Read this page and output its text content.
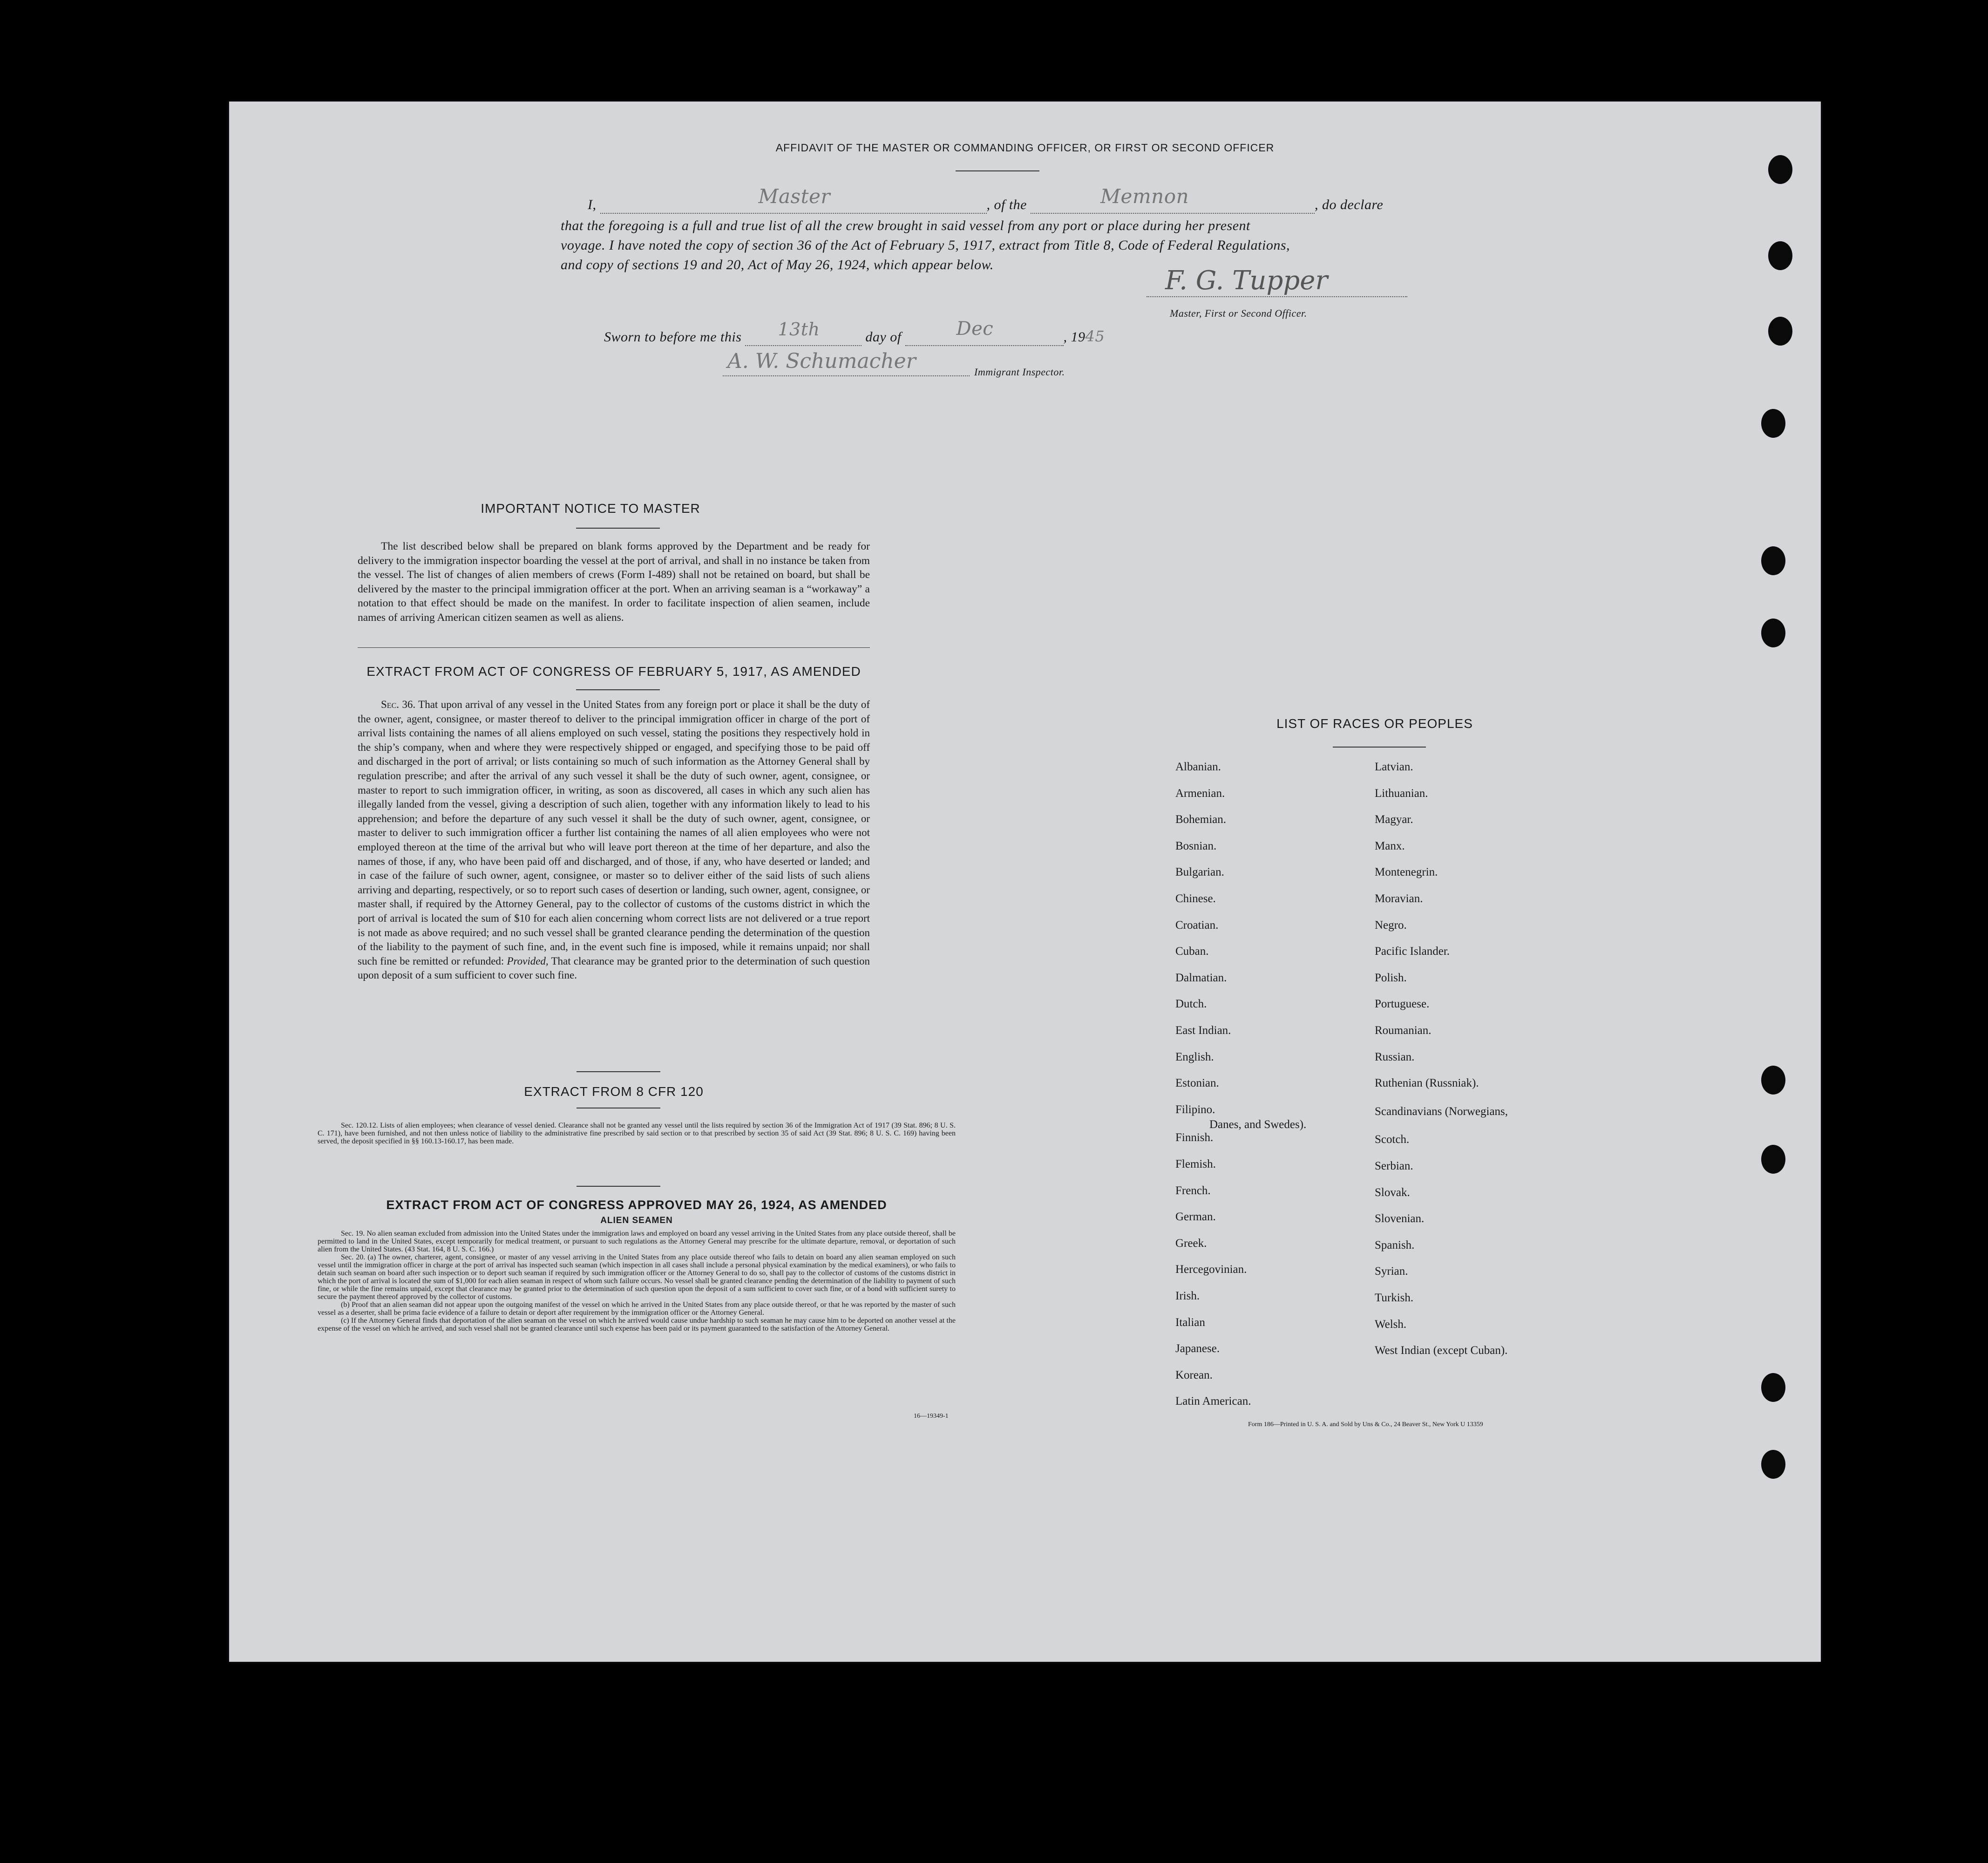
AFFIDAVIT OF THE MASTER OR COMMANDING OFFICER, OR FIRST OR SECOND OFFICER
I,	Master	, of the	Memnon	, do declare
that the foregoing is a full and true list of all the crew brought in said vessel from any port or place during her present
voyage. I have noted the copy of section 36 of the Act of February 5, 1917, extract from Title 8, Code of Federal Regulations,
and copy of sections 19 and 20, Act of May 26, 1924, which appear below.
F. G. Tupper
Master, First or Second Officer.
Sworn to before me this 13th	day of	Dec	, 1945
A. W. Schumacher	Immigrant Inspector.
IMPORTANT NOTICE TO MASTER
The list described below shall be prepared on blank forms approved by the Department and be ready for delivery to the immigration inspector boarding the vessel at the port of arrival, and shall in no instance be taken from the vessel. The list of changes of alien members of crews (Form I-489) shall not be retained on board, but shall be delivered by the master to the principal immigration officer at the port. When an arriving seaman is a “workaway” a notation to that effect should be made on the manifest. In order to facilitate inspection of alien seamen, include names of arriving American citizen seamen as well as aliens.
EXTRACT FROM ACT OF CONGRESS OF FEBRUARY 5, 1917, AS AMENDED
Sec. 36. That upon arrival of any vessel in the United States from any foreign port or place it shall be the duty of the owner, agent, consignee, or master thereof to deliver to the principal immigration officer in charge of the port of arrival lists containing the names of all aliens employed on such vessel, stating the positions they respectively hold in the ship’s company, when and where they were respectively shipped or engaged, and specifying those to be paid off and discharged in the port of arrival; or lists containing so much of such information as the Attorney General shall by regulation prescribe; and after the arrival of any such vessel it shall be the duty of such owner, agent, consignee, or master to report to such immigration officer, in writing, as soon as discovered, all cases in which any such alien has illegally landed from the vessel, giving a description of such alien, together with any information likely to lead to his apprehension; and before the departure of any such vessel it shall be the duty of such owner, agent, consignee, or master to deliver to such immigration officer a further list containing the names of all alien employees who were not employed thereon at the time of the arrival but who will leave port thereon at the time of her departure, and also the names of those, if any, who have been paid off and discharged, and of those, if any, who have deserted or landed; and in case of the failure of such owner, agent, consignee, or master so to deliver either of the said lists of such aliens arriving and departing, respectively, or so to report such cases of desertion or landing, such owner, agent, consignee, or master shall, if required by the Attorney General, pay to the collector of customs of the customs district in which the port of arrival is located the sum of $10 for each alien concerning whom correct lists are not delivered or a true report is not made as above required; and no such vessel shall be granted clearance pending the determination of the question of the liability to the payment of such fine, and, in the event such fine is imposed, while it remains unpaid; nor shall such fine be remitted or refunded: Provided, That clearance may be granted prior to the determination of such question upon deposit of a sum sufficient to cover such fine.
EXTRACT FROM 8 CFR 120
Sec. 120.12. Lists of alien employees; when clearance of vessel denied. Clearance shall not be granted any vessel until the lists required by section 36 of the Immigration Act of 1917 (39 Stat. 896; 8 U. S. C. 171), have been furnished, and not then unless notice of liability to the administrative fine prescribed by said section or to that prescribed by section 35 of said Act (39 Stat. 896; 8 U. S. C. 169) having been served, the deposit specified in §§ 160.13-160.17, has been made.
EXTRACT FROM ACT OF CONGRESS APPROVED MAY 26, 1924, AS AMENDED
ALIEN SEAMEN
Sec. 19. No alien seaman excluded from admission into the United States under the immigration laws and employed on board any vessel arriving in the United States from any place outside thereof, shall be permitted to land in the United States, except temporarily for medical treatment, or pursuant to such regulations as the Attorney General may prescribe for the ultimate departure, removal, or deportation of such alien from the United States. (43 Stat. 164, 8 U. S. C. 166.)
Sec. 20. (a) The owner, charterer, agent, consignee, or master of any vessel arriving in the United States from any place outside thereof who fails to detain on board any alien seaman employed on such vessel until the immigration officer in charge at the port of arrival has inspected such seaman (which inspection in all cases shall include a personal physical examination by the medical examiners), or who fails to detain such seaman on board after such inspection or to deport such seaman if required by such immigration officer or the Attorney General to do so, shall pay to the collector of customs of the customs district in which the port of arrival is located the sum of $1,000 for each alien seaman in respect of whom such failure occurs. No vessel shall be granted clearance pending the determination of the liability to payment of such fine, or while the fine remains unpaid, except that clearance may be granted prior to the determination of such question upon the deposit of a sum sufficient to cover such fine, or of a bond with sufficient surety to secure the payment thereof approved by the collector of customs.
(b) Proof that an alien seaman did not appear upon the outgoing manifest of the vessel on which he arrived in the United States from any place outside thereof, or that he was reported by the master of such vessel as a deserter, shall be prima facie evidence of a failure to detain or deport after requirement by the immigration officer or the Attorney General.
(c) If the Attorney General finds that deportation of the alien seaman on the vessel on which he arrived would cause undue hardship to such seaman he may cause him to be deported on another vessel at the expense of the vessel on which he arrived, and such vessel shall not be granted clearance until such expense has been paid or its payment guaranteed to the satisfaction of the Attorney General.
16—19349-1
LIST OF RACES OR PEOPLES
Form 186—Printed in U. S. A. and Sold by Uns & Co., 24 Beaver St., New York U 13359
Albanian.
Armenian.
Bohemian.
Bosnian.
Bulgarian.
Chinese.
Croatian.
Cuban.
Dalmatian.
Dutch.
East Indian.
English.
Estonian.
Filipino.
Finnish.
Flemish.
French.
German.
Greek.
Hercegovinian.
Irish.
Italian
Japanese.
Korean.
Latin American.
Latvian.
Lithuanian.
Magyar.
Manx.
Montenegrin.
Moravian.
Negro.
Pacific Islander.
Polish.
Portuguese.
Roumanian.
Russian.
Ruthenian (Russniak).
Scandinavians (Norwegians,
Danes, and Swedes).
Scotch.
Serbian.
Slovak.
Slovenian.
Spanish.
Syrian.
Turkish.
Welsh.
West Indian (except Cuban).
